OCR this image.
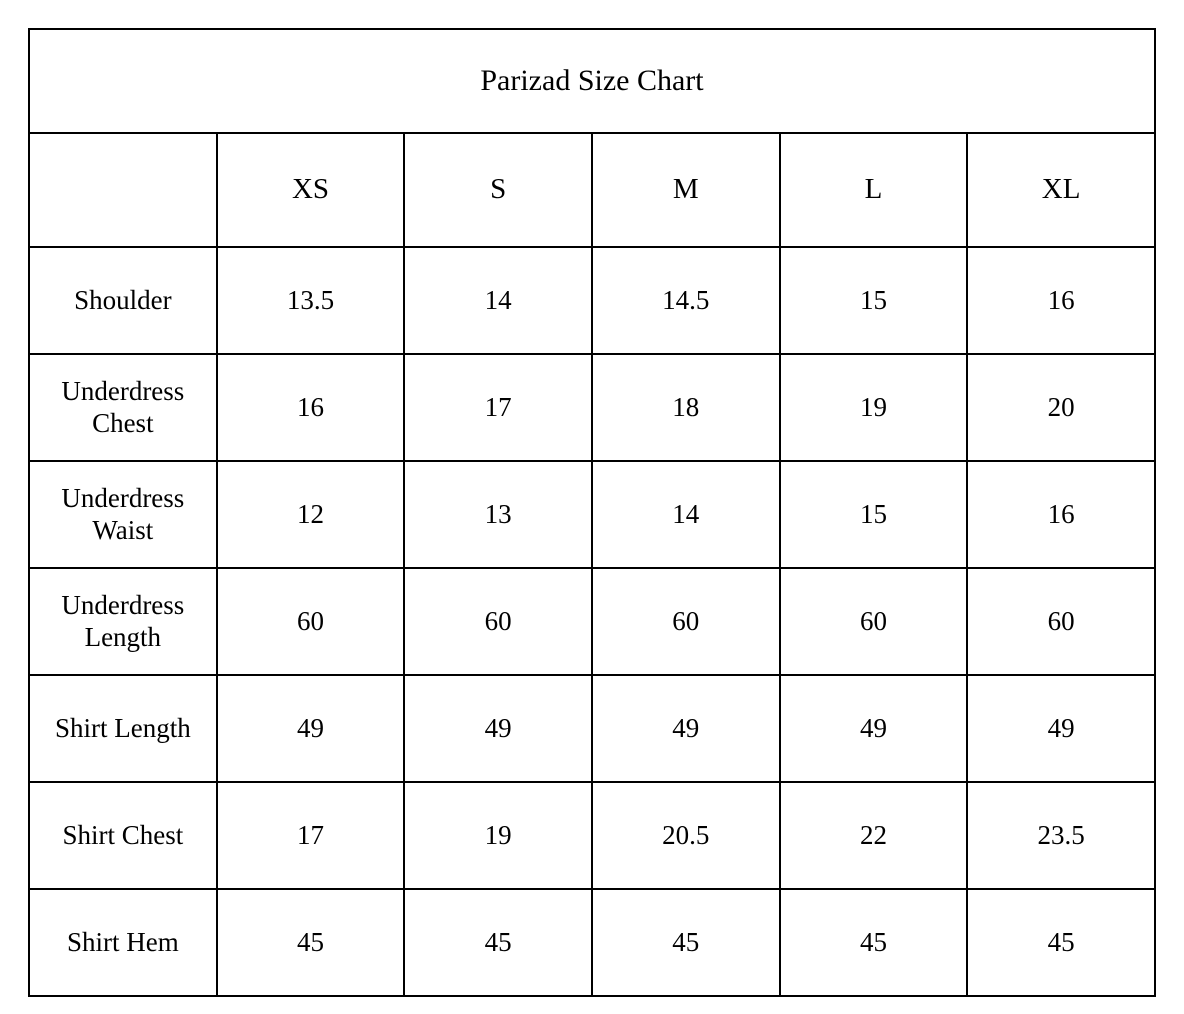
Parizad Size Chart					
	XS	S	M	L	XL
Shoulder	13.5	14	14.5	15	16
Underdress Chest	16	17	18	19	20
Underdress Waist	12	13	14	15	16
Underdress Length	60	60	60	60	60
Shirt Length	49	49	49	49	49
Shirt Chest	17	19	20.5	22	23.5
Shirt Hem	45	45	45	45	45
